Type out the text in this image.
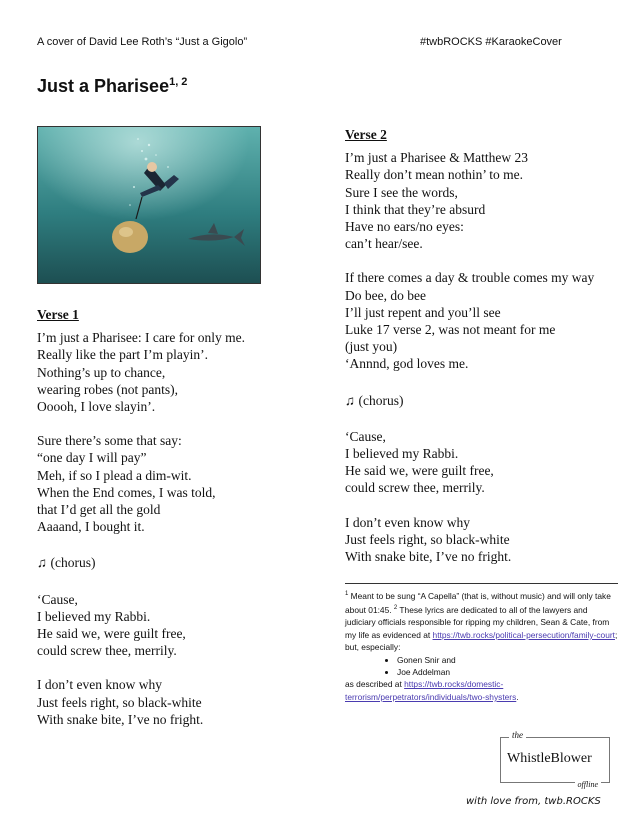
A cover of David Lee Roth’s “Just a Gigolo”	#twbROCKS #KaraokeCover
Just a Pharisee$^{1, 2}$
Verse 1
I’m just a Pharisee: I care for only me.
Really like the part I’m playin’.
Nothing’s up to chance,
wearing robes (not pants),
Ooooh, I love slayin’.
Sure there’s some that say:
“one day I will pay”
Meh, if so I plead a dim-wit.
When the End comes, I was told,
that I’d get all the gold
Aaaand, I bought it.
♫ (chorus)
‘Cause,
I believed my Rabbi.
He said we, were guilt free,
could screw thee, merrily.
I don’t even know why
Just feels right, so black-white
With snake bite, I’ve no fright.
Verse 2
I’m just a Pharisee & Matthew 23
Really don’t mean nothin’ to me.
Sure I see the words,
I think that they’re absurd
Have no ears/no eyes:
can’t hear/see.
If there comes a day & trouble comes my way
Do bee, do bee
I’ll just repent and you’ll see
Luke 17 verse 2, was not meant for me
(just you)
‘Annnd, god loves me.
♫ (chorus)
‘Cause,
I believed my Rabbi.
He said we, were guilt free,
could screw thee, merrily.
I don’t even know why
Just feels right, so black-white
With snake bite, I’ve no fright.
$^1$ Meant to be sung “A Capella” (that is, without music) and will only take about 01:45. $^2$ These lyrics are dedicated to all of the lawyers and judiciary officials responsible for ripping my children, Sean & Cate, from my life as evidenced at https://twb.rocks/political-persecution/family-court; but, especially:
• Gonen Snir and
• Joe Addelman
as described at https://twb.rocks/domestic-terrorism/perpetrators/individuals/two-shysters.
the
WhistleBlower
offline
with love from, twb.ROCKS
